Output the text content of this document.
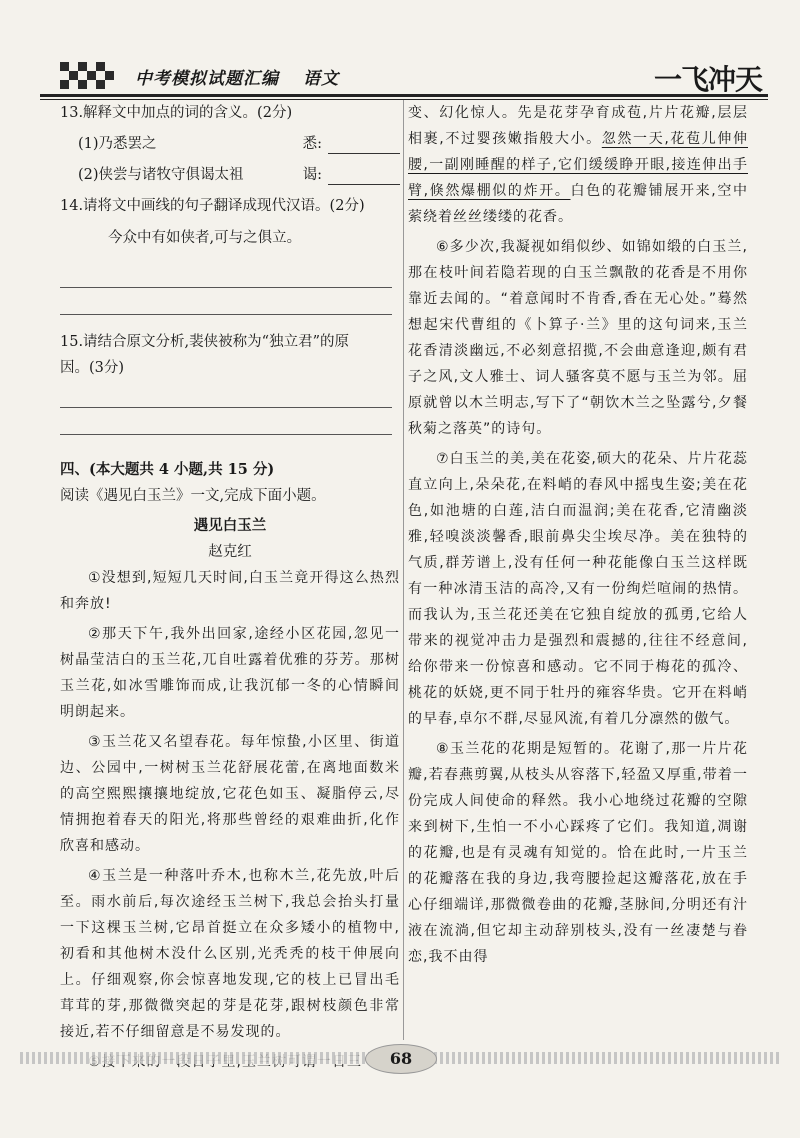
中考模拟试题汇编 语文	一飞冲天

13.解释文中加点的词的含义。(2分)

(1)乃悉罢之	悉:
(2)侠尝与诸牧守俱谒太祖	谒:

14.请将文中画线的句子翻译成现代汉语。(2分)

今众中有如侠者,可与之俱立。

15.请结合原文分析,裴侠被称为“独立君”的原

因。(3分)

四、(本大题共 4 小题,共 15 分)
阅读《遇见白玉兰》一文,完成下面小题。
遇见白玉兰
赵克红

①没想到,短短几天时间,白玉兰竟开得这么热烈和奔放!

②那天下午,我外出回家,途经小区花园,忽见一树晶莹洁白的玉兰花,兀自吐露着优雅的芬芳。那树玉兰花,如冰雪雕饰而成,让我沉郁一冬的心情瞬间明朗起来。

③玉兰花又名望春花。每年惊蛰,小区里、街道边、公园中,一树树玉兰花舒展花蕾,在离地面数米的高空熙熙攘攘地绽放,它花色如玉、凝脂停云,尽情拥抱着春天的阳光,将那些曾经的艰难曲折,化作欣喜和感动。

④玉兰是一种落叶乔木,也称木兰,花先放,叶后至。雨水前后,每次途经玉兰树下,我总会抬头打量一下这棵玉兰树,它昂首挺立在众多矮小的植物中,初看和其他树木没什么区别,光秃秃的枝干伸展向上。仔细观察,你会惊喜地发现,它的枝上已冒出毛茸茸的芽,那微微突起的芽是花芽,跟树枝颜色非常接近,若不仔细留意是不易发现的。

变、幻化惊人。先是花芽孕育成苞,片片花瓣,层层相裹,不过婴孩嫩指般大小。忽然一天,花苞儿伸伸腰,一副刚睡醒的样子,它们缓缓睁开眼,接连伸出手臂,倏然爆棚似的炸开。白色的花瓣铺展开来,空中萦绕着丝丝缕缕的花香。

⑥多少次,我凝视如绢似纱、如锦如缎的白玉兰,那在枝叶间若隐若现的白玉兰飘散的花香是不用你靠近去闻的。“着意闻时不肯香,香在无心处。”蓦然想起宋代曹组的《卜算子·兰》里的这句词来,玉兰花香清淡幽远,不必刻意招揽,不会曲意逢迎,颇有君子之风,文人雅士、词人骚客莫不愿与玉兰为邻。屈原就曾以木兰明志,写下了“朝饮木兰之坠露兮,夕餐秋菊之落英”的诗句。

⑦白玉兰的美,美在花姿,硕大的花朵、片片花蕊直立向上,朵朵花,在料峭的春风中摇曳生姿;美在花色,如池塘的白莲,洁白而温润;美在花香,它清幽淡雅,轻嗅淡淡馨香,眼前鼻尖尘埃尽净。美在独特的气质,群芳谱上,没有任何一种花能像白玉兰这样既有一种冰清玉洁的高冷,又有一份绚烂喧闹的热情。而我认为,玉兰花还美在它独自绽放的孤勇,它给人带来的视觉冲击力是强烈和震撼的,往往不经意间,给你带来一份惊喜和感动。它不同于梅花的孤冷、桃花的妖娆,更不同于牡丹的雍容华贵。它开在料峭的早春,卓尔不群,尽显风流,有着几分凛然的傲气。

⑧玉兰花的花期是短暂的。花谢了,那一片片花瓣,若春燕剪翼,从枝头从容落下,轻盈又厚重,带着一份完成人间使命的释然。我小心地绕过花瓣的空隙来到树下,生怕一不小心踩疼了它们。我知道,凋谢的花瓣,也是有灵魂有知觉的。恰在此时,一片玉兰的花瓣落在我的身边,我弯腰捡起这瓣落花,放在手心仔细端详,那微微卷曲的花瓣,茎脉间,分明还有汁液在流淌,但它却主动辞别枝头,没有一丝凄楚与眷恋,我不由得

68
